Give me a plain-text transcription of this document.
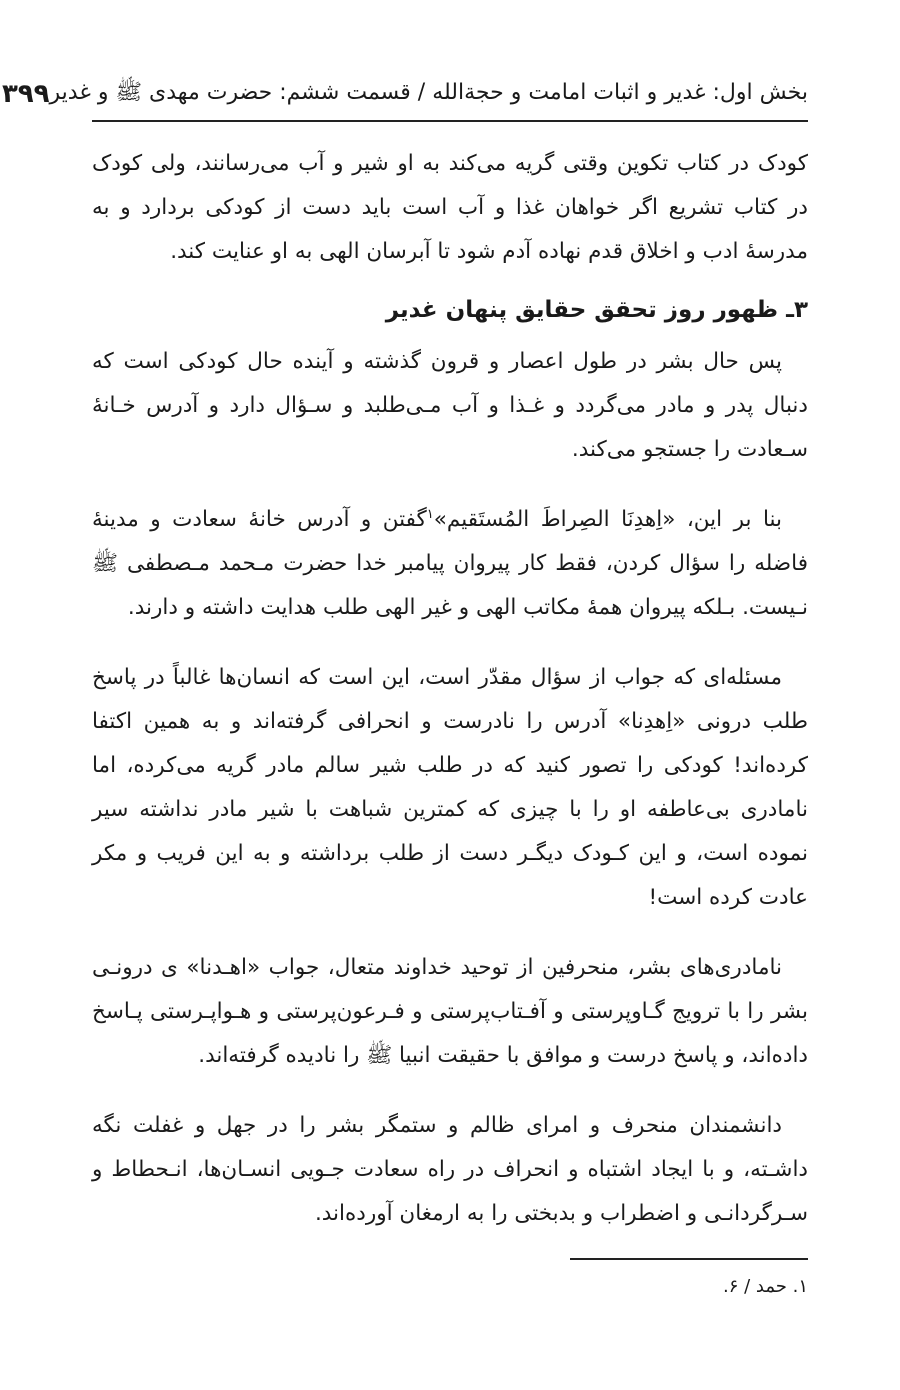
بخش اول: غدیر و اثبات امامت و حجةالله / قسمت ششم: حضرت مهدی ﷺ و غدیر
۳۹۹

کودک در کتاب تکوین وقتی گریه می‌کند به او شیر و آب می‌رسانند، ولی کودک در کتاب تشریع اگر خواهان غذا و آب است باید دست از کودکی بردارد و به مدرسهٔ ادب و اخلاق قدم نهاده آدم شود تا آبرسان الهی به او عنایت کند.

۳ـ ظهور روز تحقق حقایق پنهان غدیر

پس حال بشر در طول اعصار و قرون گذشته و آینده حال کودکی است که دنبال پدر و مادر می‌گردد و غـذا و آب مـی‌طلبد و سـؤال دارد و آدرس خـانهٔ سـعادت را جستجو می‌کند.

بنا بر این، «اِهدِنَا الصِراطَ المُستَقیم»$^۱$گفتن و آدرس خانهٔ سعادت و مدینهٔ فاضله را سؤال کردن، فقط کار پیروان پیامبر خدا حضرت مـحمد مـصطفی ﷺ نـیست. بـلکه پیروان همهٔ مکاتب الهی و غیر الهی طلب هدایت داشته و دارند.

مسئله‌ای که جواب از سؤال مقدّر است، این است که انسان‌ها غالباً در پاسخ طلب درونی «اِهدِنا» آدرس را نادرست و انحرافی گرفته‌اند و به همین اکتفا کرده‌اند! کودکی را تصور کنید که در طلب شیر سالم مادر گریه می‌کرده، اما نامادری بی‌عاطفه او را با چیزی که کمترین شباهت با شیر مادر نداشته سیر نموده است، و این کـودک دیگـر دست از طلب برداشته و به این فریب و مکر عادت کرده است!

نامادری‌های بشر، منحرفین از توحید خداوند متعال، جواب «اهـدنا» ی درونـی بشر را با ترویج گـاوپرستی و آفـتاب‌پرستی و فـرعون‌پرستی و هـواپـرستی پـاسخ داده‌اند، و پاسخ درست و موافق با حقیقت انبیا ﷺ را نادیده گرفته‌اند.

دانشمندان منحرف و امرای ظالم و ستمگر بشر را در جهل و غفلت نگه داشـته، و با ایجاد اشتباه و انحراف در راه سعادت جـویی انسـان‌ها، انـحطاط و سـرگردانـی و اضطراب و بدبختی را به ارمغان آورده‌اند.

۱. حمد / ۶.
